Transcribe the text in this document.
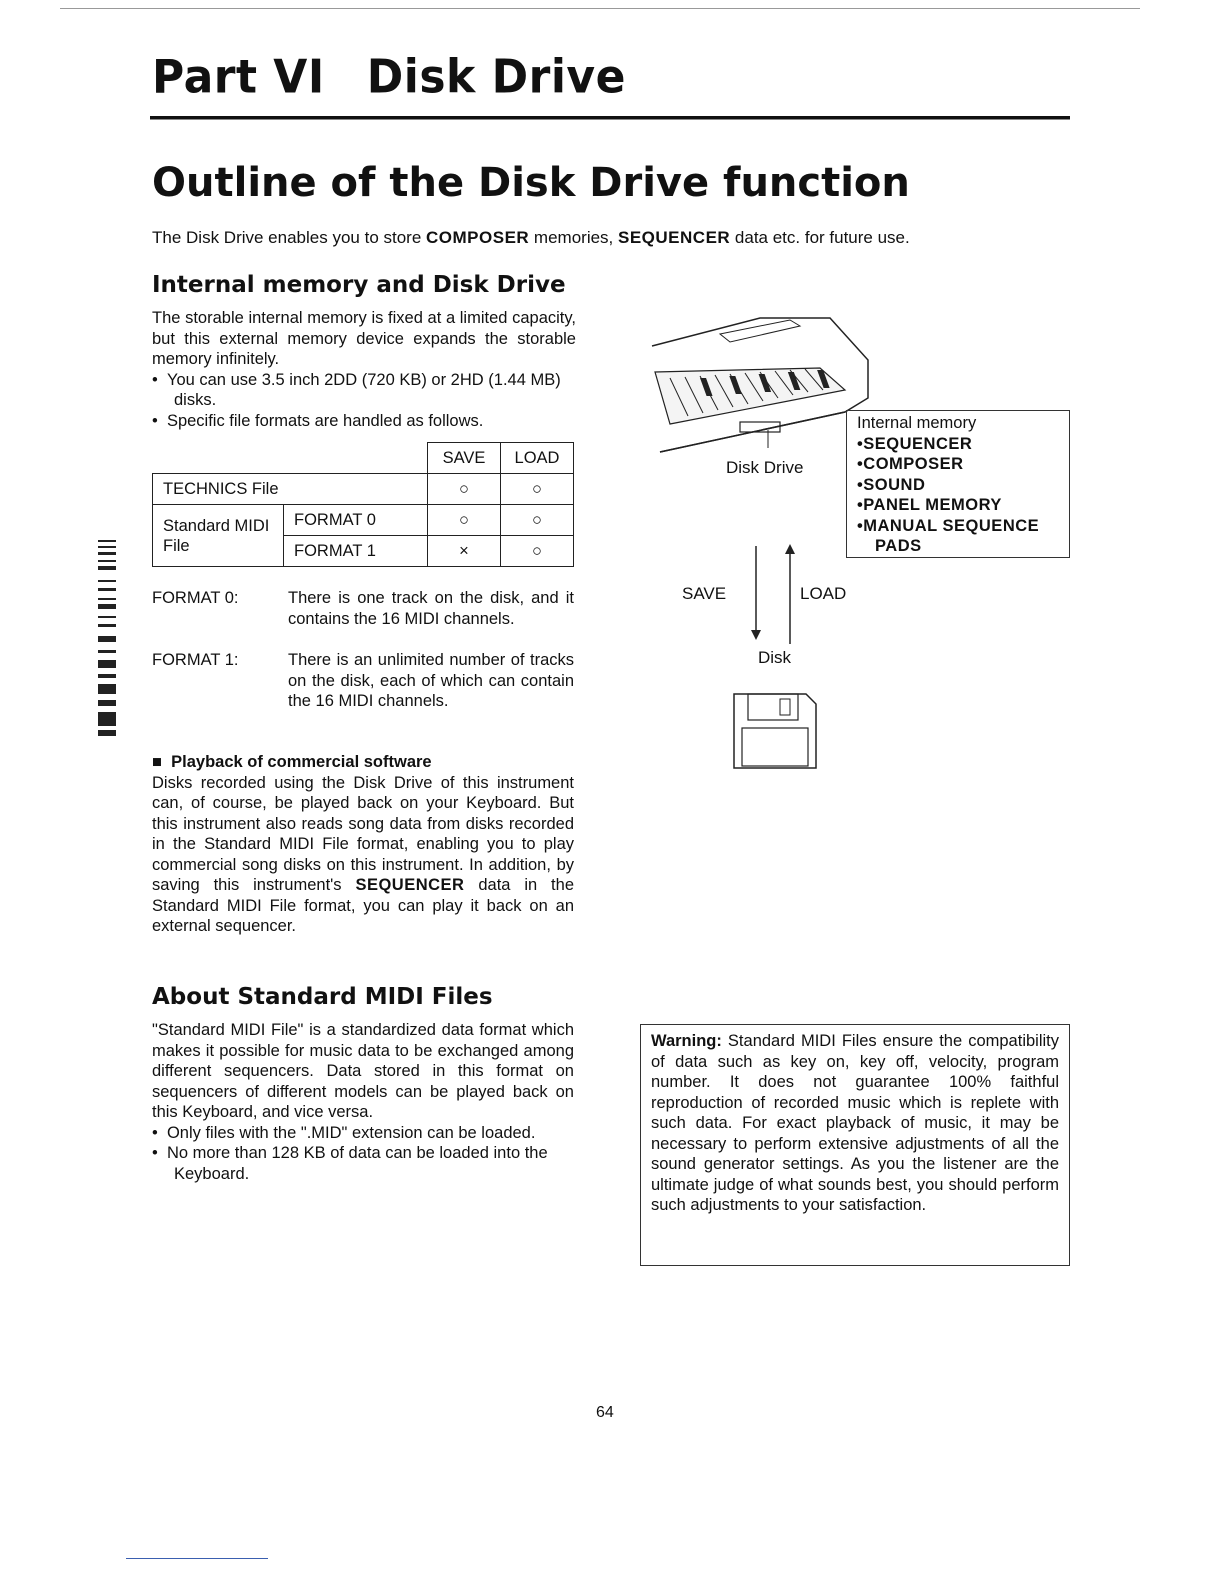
Part VI Disk Drive
Outline of the Disk Drive function
The Disk Drive enables you to store COMPOSER memories, SEQUENCER data etc. for future use.
Internal memory and Disk Drive

The storable internal memory is fixed at a limited capacity, but this external memory device expands the storable memory infinitely.

•  You can use 3.5 inch 2DD (720 KB) or 2HD (1.44 MB) disks.

•  Specific file formats are handled as follows.

		SAVE	LOAD
TECHNICS File		○	○
Standard MIDI File	FORMAT 0	○	○
	FORMAT 1	×	○
FORMAT 0:	There is one track on the disk, and it contains the 16 MIDI channels.
FORMAT 1:	There is an unlimited number of tracks on the disk, each of which can contain the 16 MIDI channels.

■ Playback of commercial software

Disks recorded using the Disk Drive of this instrument can, of course, be played back on your Keyboard. But this instrument also reads song data from disks recorded in the Standard MIDI File format, enabling you to play commercial song disks on this instrument. In addition, by saving this instrument's SEQUENCER data in the Standard MIDI File format, you can play it back on an external sequencer.

About Standard MIDI Files

"Standard MIDI File" is a standardized data format which makes it possible for music data to be exchanged among different sequencers. Data stored in this format on sequencers of different models can be played back on this Keyboard, and vice versa.

•  Only files with the ".MID" extension can be loaded.

•  No more than 128 KB of data can be loaded into the Keyboard.

Disk Drive
Internal memory
•SEQUENCER
•COMPOSER
•SOUND
•PANEL MEMORY
•MANUAL SEQUENCE
PADS
SAVE	LOAD
Disk
Warning: Standard MIDI Files ensure the compatibility of data such as key on, key off, velocity, program number. It does not guarantee 100% faithful reproduction of recorded music which is replete with such data. For exact playback of music, it may be necessary to perform extensive adjustments of all the sound generator settings. As you the listener are the ultimate judge of what sounds best, you should perform such adjustments to your satisfaction.
64
